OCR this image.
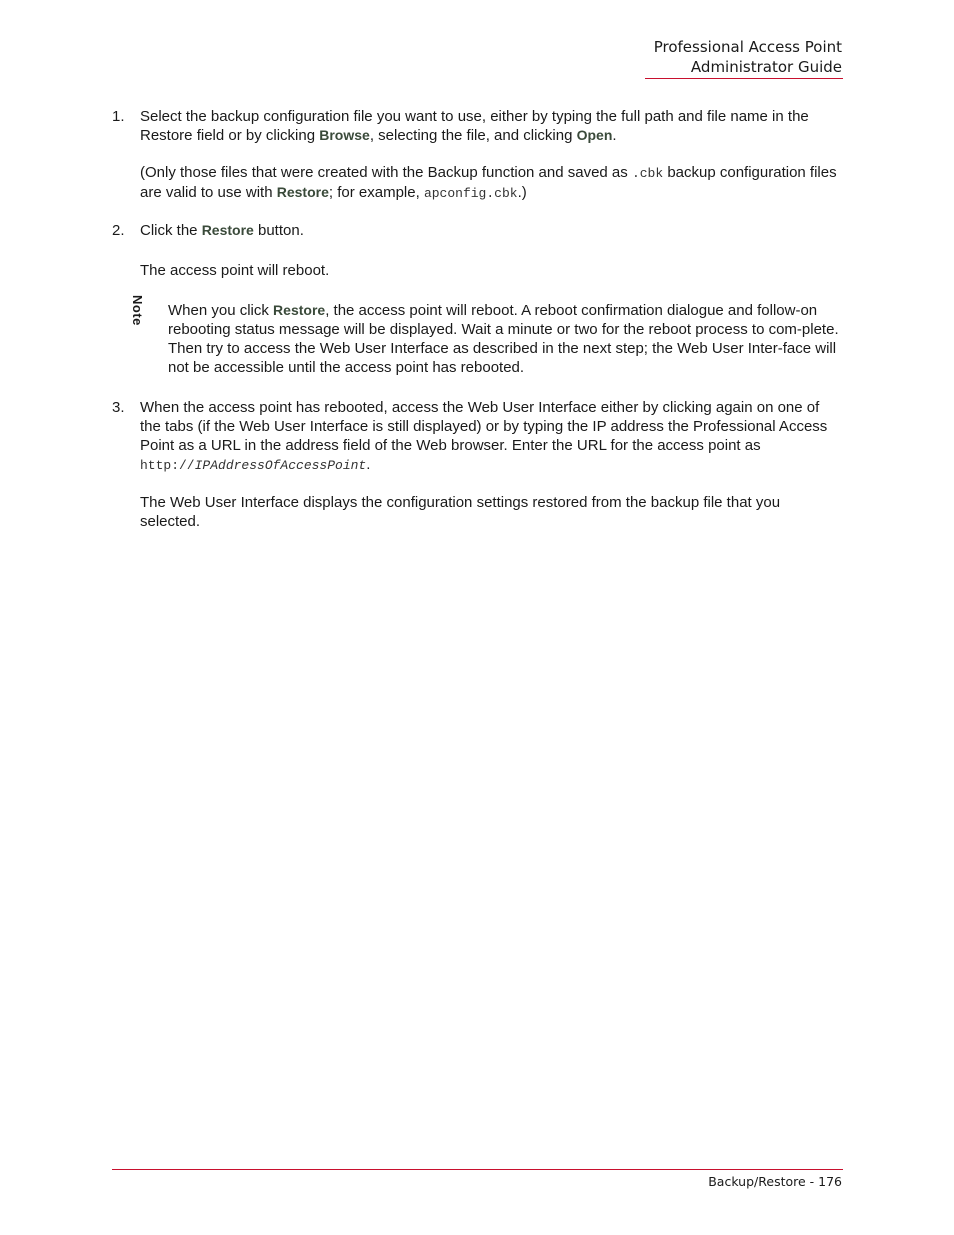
Professional Access Point
Administrator Guide
1. Select the backup configuration file you want to use, either by typing the full path and file name in the Restore field or by clicking Browse, selecting the file, and clicking Open.

(Only those files that were created with the Backup function and saved as .cbk backup configuration files are valid to use with Restore; for example, apconfig.cbk.)

2. Click the Restore button.

The access point will reboot.

Note	When you click Restore, the access point will reboot. A reboot confirmation dialogue and follow-on rebooting status message will be displayed. Wait a minute or two for the reboot process to com-plete. Then try to access the Web User Interface as described in the next step; the Web User Inter-face will not be accessible until the access point has rebooted.

3. When the access point has rebooted, access the Web User Interface either by clicking again on one of the tabs (if the Web User Interface is still displayed) or by typing the IP address the Professional Access Point as a URL in the address field of the Web browser. Enter the URL for the access point as http://IPAddressOfAccessPoint.

The Web User Interface displays the configuration settings restored from the backup file that you selected.

Backup/Restore - 176
